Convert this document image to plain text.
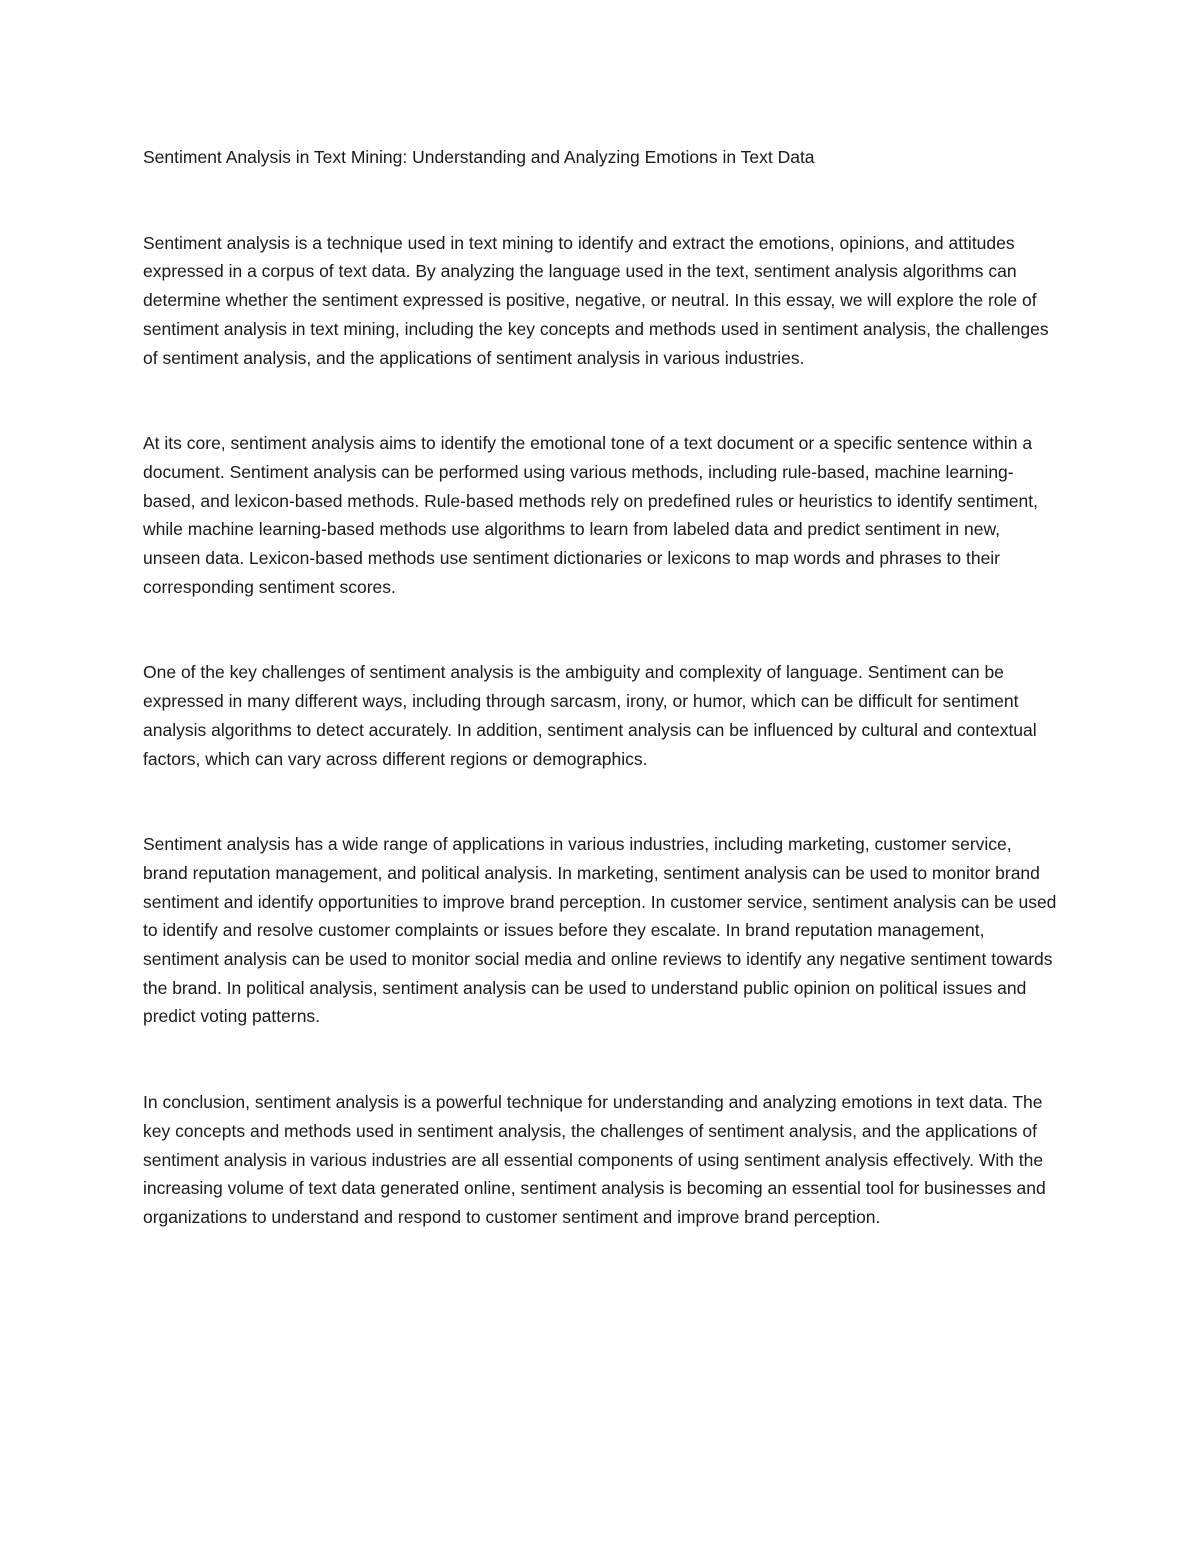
Sentiment Analysis in Text Mining: Understanding and Analyzing Emotions in Text Data

Sentiment analysis is a technique used in text mining to identify and extract the emotions, opinions, and attitudes expressed in a corpus of text data. By analyzing the language used in the text, sentiment analysis algorithms can determine whether the sentiment expressed is positive, negative, or neutral. In this essay, we will explore the role of sentiment analysis in text mining, including the key concepts and methods used in sentiment analysis, the challenges of sentiment analysis, and the applications of sentiment analysis in various industries.

At its core, sentiment analysis aims to identify the emotional tone of a text document or a specific sentence within a document. Sentiment analysis can be performed using various methods, including rule-based, machine learning-based, and lexicon-based methods. Rule-based methods rely on predefined rules or heuristics to identify sentiment, while machine learning-based methods use algorithms to learn from labeled data and predict sentiment in new, unseen data. Lexicon-based methods use sentiment dictionaries or lexicons to map words and phrases to their corresponding sentiment scores.

One of the key challenges of sentiment analysis is the ambiguity and complexity of language. Sentiment can be expressed in many different ways, including through sarcasm, irony, or humor, which can be difficult for sentiment analysis algorithms to detect accurately. In addition, sentiment analysis can be influenced by cultural and contextual factors, which can vary across different regions or demographics.

Sentiment analysis has a wide range of applications in various industries, including marketing, customer service, brand reputation management, and political analysis. In marketing, sentiment analysis can be used to monitor brand sentiment and identify opportunities to improve brand perception. In customer service, sentiment analysis can be used to identify and resolve customer complaints or issues before they escalate. In brand reputation management, sentiment analysis can be used to monitor social media and online reviews to identify any negative sentiment towards the brand. In political analysis, sentiment analysis can be used to understand public opinion on political issues and predict voting patterns.

In conclusion, sentiment analysis is a powerful technique for understanding and analyzing emotions in text data. The key concepts and methods used in sentiment analysis, the challenges of sentiment analysis, and the applications of sentiment analysis in various industries are all essential components of using sentiment analysis effectively. With the increasing volume of text data generated online, sentiment analysis is becoming an essential tool for businesses and organizations to understand and respond to customer sentiment and improve brand perception.
